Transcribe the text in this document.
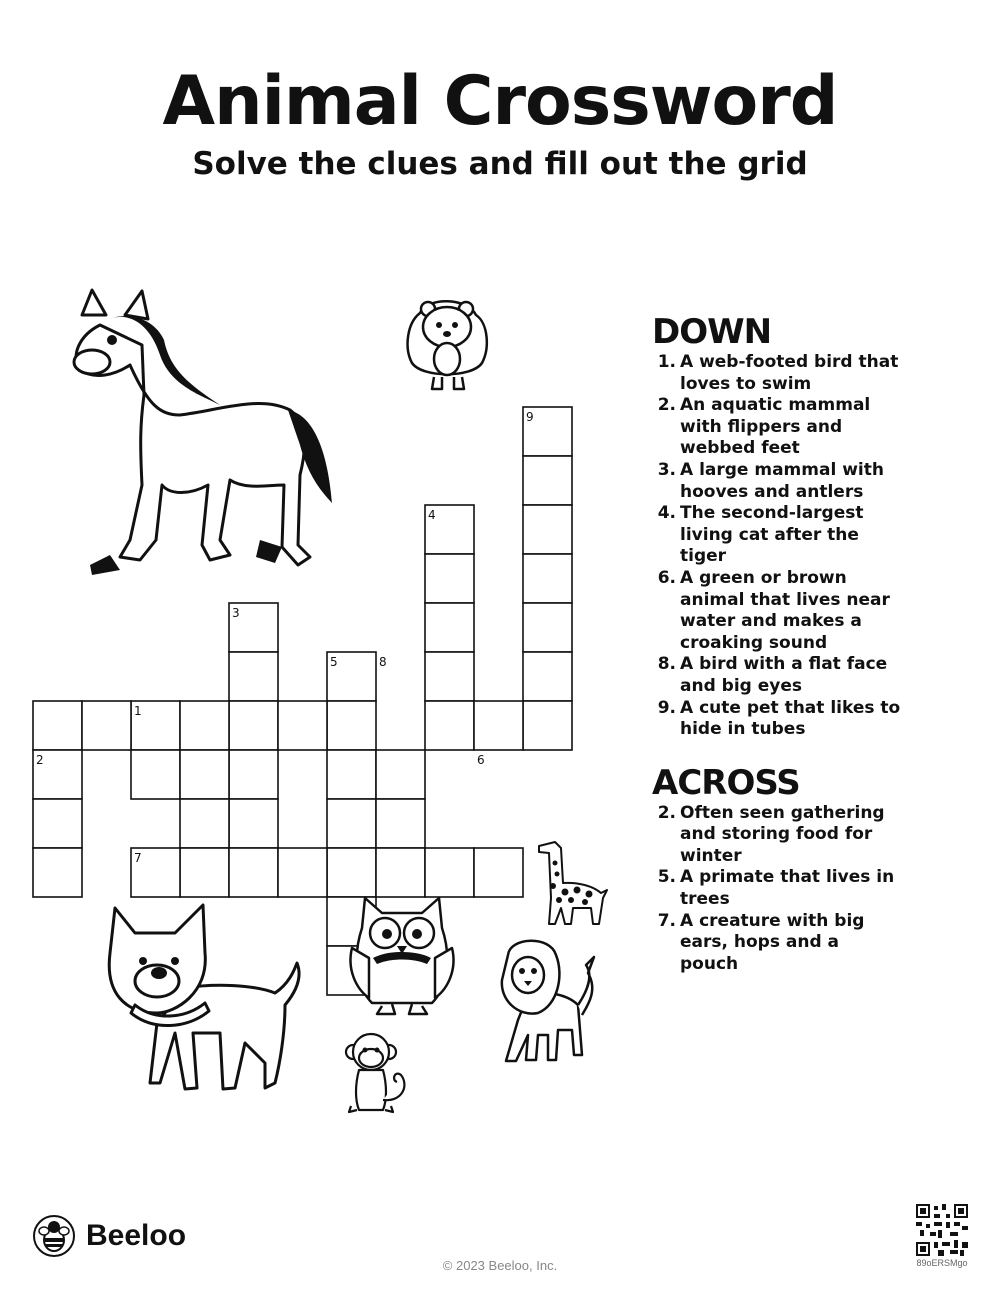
Animal Crossword
Solve the clues and fill out the grid
9
4
3
5	8
1
2	6
7
DOWN
1. A web-footed bird that loves to swim
2. An aquatic mammal with flippers and webbed feet
3. A large mammal with hooves and antlers
4. The second-largest living cat after the tiger
6. A green or brown animal that lives near water and makes a croaking sound
8. A bird with a flat face and big eyes
9. A cute pet that likes to hide in tubes
ACROSS
2. Often seen gathering and storing food for winter
5. A primate that lives in trees
7. A creature with big ears, hops and a pouch
Beeloo
© 2023 Beeloo, Inc.	89oERSMgo
